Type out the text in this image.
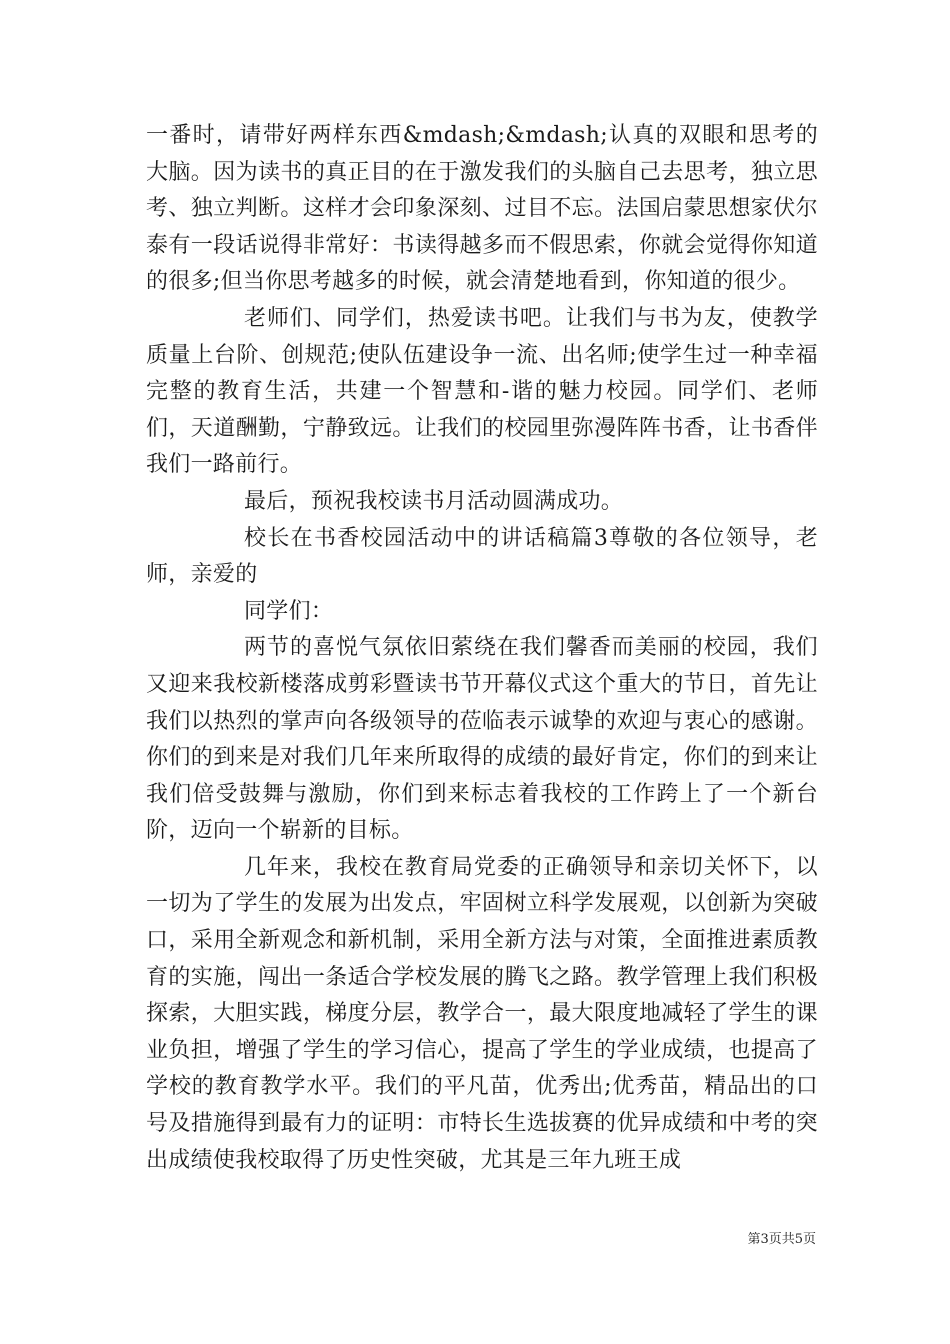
一番时，请带好两样东西&mdash;&mdash;认真的双眼和思考的大脑。因为读书的真正目的在于激发我们的头脑自己去思考，独立思考、独立判断。这样才会印象深刻、过目不忘。法国启蒙思想家伏尔泰有一段话说得非常好：书读得越多而不假思索，你就会觉得你知道的很多;但当你思考越多的时候，就会清楚地看到，你知道的很少。

老师们、同学们，热爱读书吧。让我们与书为友，使教学质量上台阶、创规范;使队伍建设争一流、出名师;使学生过一种幸福完整的教育生活，共建一个智慧和-谐的魅力校园。同学们、老师们，天道酬勤，宁静致远。让我们的校园里弥漫阵阵书香，让书香伴我们一路前行。

最后，预祝我校读书月活动圆满成功。

校长在书香校园活动中的讲话稿篇3尊敬的各位领导，老师，亲爱的

同学们：

两节的喜悦气氛依旧萦绕在我们馨香而美丽的校园，我们又迎来我校新楼落成剪彩暨读书节开幕仪式这个重大的节日，首先让我们以热烈的掌声向各级领导的莅临表示诚挚的欢迎与衷心的感谢。你们的到来是对我们几年来所取得的成绩的最好肯定，你们的到来让我们倍受鼓舞与激励，你们到来标志着我校的工作跨上了一个新台阶，迈向一个崭新的目标。

几年来，我校在教育局党委的正确领导和亲切关怀下，以一切为了学生的发展为出发点，牢固树立科学发展观，以创新为突破口，采用全新观念和新机制，采用全新方法与对策，全面推进素质教育的实施，闯出一条适合学校发展的腾飞之路。教学管理上我们积极探索，大胆实践，梯度分层，教学合一，最大限度地减轻了学生的课业负担，增强了学生的学习信心，提高了学生的学业成绩，也提高了学校的教育教学水平。我们的平凡苗，优秀出;优秀苗，精品出的口号及措施得到最有力的证明：市特长生选拔赛的优异成绩和中考的突出成绩使我校取得了历史性突破，尤其是三年九班王成

第3页共5页
